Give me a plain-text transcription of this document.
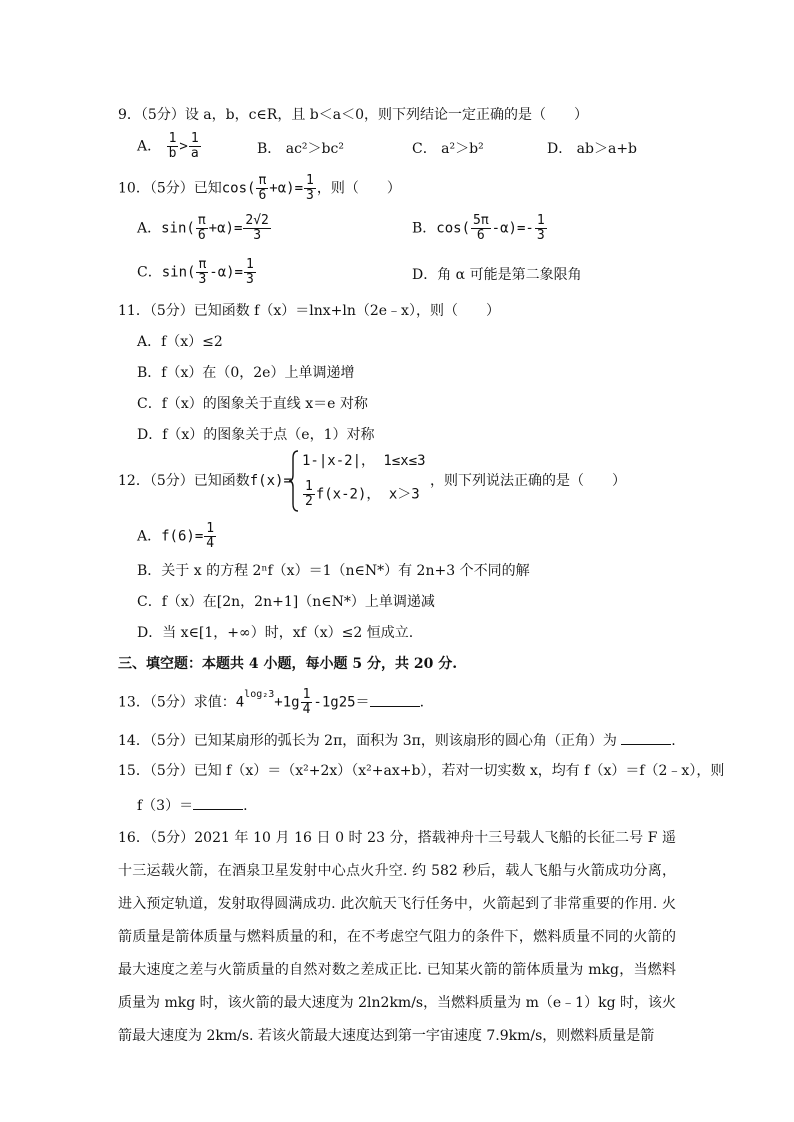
9．（5分）设 a，b，c∈R，且 b＜a＜0，则下列结论一定正确的是（　　）
A． $\frac{1}{b} > \frac{1}{a}$	B． ac²＞bc²	C． a²＞b²	D． ab＞a+b
10．（5分）已知$\cos( \frac{\pi}{6} +\alpha)= \frac{1}{3}$ ，则（　　）
A．$\sin( \frac{\pi}{6} +\alpha)= \frac{2√2}{3}$	B．$\cos( \frac{5\pi}{6} -\alpha)=- \frac{1}{3}$
C．$\sin( \frac{\pi}{3} -\alpha)= \frac{1}{3}$	D．角 α 可能是第二象限角
11．（5分）已知函数 f（x）＝lnx+ln（2e﹣x），则（　　）
A．f（x）≤2
B．f（x）在（0，2e）上单调递增
C．f（x）的图象关于直线 x＝e 对称
D．f（x）的图象关于点（e，1）对称
12．（5分）已知函数f(x)=
1-|x-2|， 1≤x≤3
$\frac{1}{2} f(x-2)$， x＞3
，则下列说法正确的是（　　）
A．$f(6)= \frac{1}{4}$
B．关于 x 的方程 2ⁿf（x）＝1（n∈N*）有 2n+3 个不同的解
C．f（x）在[2n，2n+1]（n∈N*）上单调递减
D．当 x∈[1，+∞）时，xf（x）≤2 恒成立.
三、填空题：本题共 4 小题，每小题 5 分，共 20 分.
13．（5分）求值：$4^{log_23}+1g \frac{1}{4} -1g25=$	.
14．（5分）已知某扇形的弧长为 2π，面积为 3π，则该扇形的圆心角（正角）为	.
15．（5分）已知 f（x）＝（x²+2x）（x²+ax+b），若对一切实数 x，均有 f（x）＝f（2﹣x），则
f（3）＝	.
16．（5分）2021 年 10 月 16 日 0 时 23 分，搭载神舟十三号载人飞船的长征二号 F 遥十三运载火箭，在酒泉卫星发射中心点火升空. 约 582 秒后，载人飞船与火箭成功分离，进入预定轨道，发射取得圆满成功. 此次航天飞行任务中，火箭起到了非常重要的作用. 火箭质量是箭体质量与燃料质量的和，在不考虑空气阻力的条件下，燃料质量不同的火箭的最大速度之差与火箭质量的自然对数之差成正比. 已知某火箭的箭体质量为 mkg，当燃料质量为 mkg 时，该火箭的最大速度为 2ln2km/s，当燃料质量为 m（e﹣1）kg 时，该火箭最大速度为 2km/s. 若该火箭最大速度达到第一宇宙速度 7.9km/s，则燃料质量是箭
